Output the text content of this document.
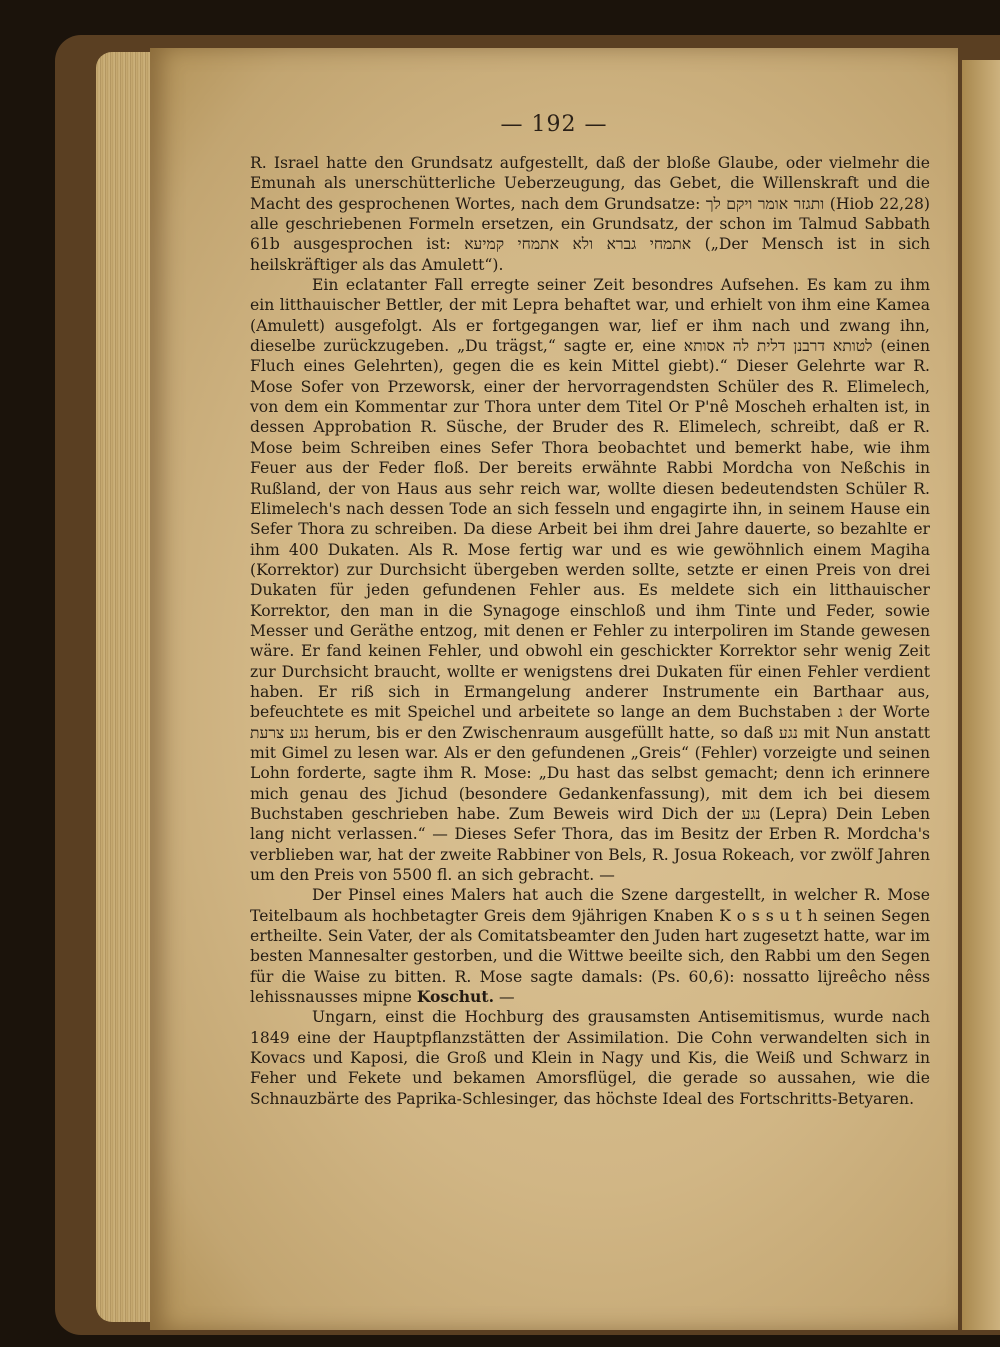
— 192 —

R. Israel hatte den Grundsatz aufgestellt, daß der bloße Glaube, oder vielmehr die Emunah als unerschütterliche Ueberzeugung, das Gebet, die Willenskraft und die Macht des gesprochenen Wortes, nach dem Grundsatze: ותגזר אומר ויקם לך (Hiob 22,28) alle geschriebenen Formeln ersetzen, ein Grundsatz, der schon im Talmud Sabbath 61b ausgesprochen ist: אתמחי גברא ולא אתמחי קמיעא („Der Mensch ist in sich heilskräftiger als das Amulett“).

Ein eclatanter Fall erregte seiner Zeit besondres Aufsehen. Es kam zu ihm ein litthauischer Bettler, der mit Lepra behaftet war, und erhielt von ihm eine Kamea (Amulett) ausgefolgt. Als er fortgegangen war, lief er ihm nach und zwang ihn, dieselbe zurückzugeben. „Du trägst,“ sagte er, eine לטותא דרבנן דלית לה אסותא (einen Fluch eines Gelehrten), gegen die es kein Mittel giebt).“ Dieser Gelehrte war R. Mose Sofer von Przeworsk, einer der hervorragendsten Schüler des R. Elimelech, von dem ein Kommentar zur Thora unter dem Titel Or P'nê Moscheh erhalten ist, in dessen Approbation R. Süsche, der Bruder des R. Elimelech, schreibt, daß er R. Mose beim Schreiben eines Sefer Thora beobachtet und bemerkt habe, wie ihm Feuer aus der Feder floß. Der bereits erwähnte Rabbi Mordcha von Neßchis in Rußland, der von Haus aus sehr reich war, wollte diesen bedeutendsten Schüler R. Elimelech's nach dessen Tode an sich fesseln und engagirte ihn, in seinem Hause ein Sefer Thora zu schreiben. Da diese Arbeit bei ihm drei Jahre dauerte, so bezahlte er ihm 400 Dukaten. Als R. Mose fertig war und es wie gewöhnlich einem Magiha (Korrektor) zur Durchsicht übergeben werden sollte, setzte er einen Preis von drei Dukaten für jeden gefundenen Fehler aus. Es meldete sich ein litthauischer Korrektor, den man in die Synagoge einschloß und ihm Tinte und Feder, sowie Messer und Geräthe entzog, mit denen er Fehler zu interpoliren im Stande gewesen wäre. Er fand keinen Fehler, und obwohl ein geschickter Korrektor sehr wenig Zeit zur Durchsicht braucht, wollte er wenigstens drei Dukaten für einen Fehler verdient haben. Er riß sich in Ermangelung anderer Instrumente ein Barthaar aus, befeuchtete es mit Speichel und arbeitete so lange an dem Buchstaben ג der Worte נגע צרעת herum, bis er den Zwischenraum ausgefüllt hatte, so daß נגע mit Nun anstatt mit Gimel zu lesen war. Als er den gefundenen „Greis“ (Fehler) vorzeigte und seinen Lohn forderte, sagte ihm R. Mose: „Du hast das selbst gemacht; denn ich erinnere mich genau des Jichud (besondere Gedankenfassung), mit dem ich bei diesem Buchstaben geschrieben habe. Zum Beweis wird Dich der נגע (Lepra) Dein Leben lang nicht verlassen.“ — Dieses Sefer Thora, das im Besitz der Erben R. Mordcha's verblieben war, hat der zweite Rabbiner von Bels, R. Josua Rokeach, vor zwölf Jahren um den Preis von 5500 fl. an sich gebracht. —

Der Pinsel eines Malers hat auch die Szene dargestellt, in welcher R. Mose Teitelbaum als hochbetagter Greis dem 9jährigen Knaben K o s s u t h seinen Segen ertheilte. Sein Vater, der als Comitatsbeamter den Juden hart zugesetzt hatte, war im besten Mannesalter gestorben, und die Wittwe beeilte sich, den Rabbi um den Segen für die Waise zu bitten. R. Mose sagte damals: (Ps. 60,6): nossatto lijreêcho nêss lehissnausses mipne Koschut. —

Ungarn, einst die Hochburg des grausamsten Antisemitismus, wurde nach 1849 eine der Hauptpflanzstätten der Assimilation. Die Cohn verwandelten sich in Kovacs und Kaposi, die Groß und Klein in Nagy und Kis, die Weiß und Schwarz in Feher und Fekete und bekamen Amorsflügel, die gerade so aussahen, wie die Schnauzbärte des Paprika-Schlesinger, das höchste Ideal des Fortschritts-Betyaren.
